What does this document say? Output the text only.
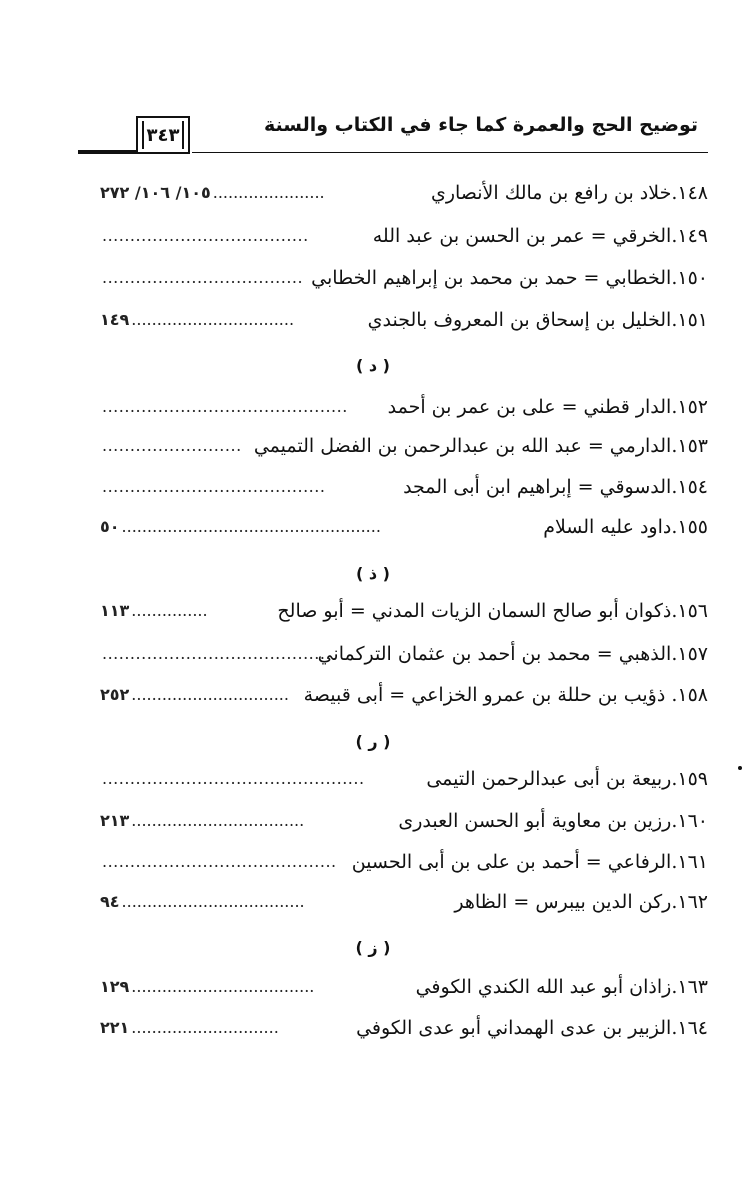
٣٤٣	توضيح الحج والعمرة كما جاء في الكتاب والسنة
١٤٨.خلاد بن رافع بن مالك الأنصاري
١٠٥/ ١٠٦/ ٢٧٢ ......................
١٤٩.الخرقي = عمر بن الحسن بن عبد الله
.....................................
١٥٠.الخطابي = حمد بن محمد بن إبراهيم الخطابي
....................................
١٥١.الخليل بن إسحاق بن المعروف بالجندي
١٤٩ ................................
( د )
١٥٢.الدار قطني = على بن عمر بن أحمد
............................................
١٥٣.الدارمي = عبد الله بن عبدالرحمن بن الفضل التميمي
.........................
١٥٤.الدسوقي = إبراهيم ابن أبى المجد
........................................
١٥٥.داود عليه السلام
٥٠ ...................................................
( ذ )
١٥٦.ذكوان أبو صالح السمان الزيات المدني = أبو صالح
١١٣ ...............
١٥٧.الذهبي = محمد بن أحمد بن عثمان التركماني
.........................................
١٥٨. ذؤيب بن حللة بن عمرو الخزاعي = أبى قبيصة
٢٥٢ ...............................
( ر )
١٥٩.ربيعة بن أبى عبدالرحمن التيمى
...............................................
١٦٠.رزين بن معاوية أبو الحسن العبدرى
٢١٣ ..................................
١٦١.الرفاعي = أحمد بن على بن أبى الحسين
..........................................
١٦٢.ركن الدين بيبرس = الظاهر
٩٤ ....................................
( ز )
١٦٣.زاذان أبو عبد الله الكندي الكوفي
١٢٩ ....................................
١٦٤.الزبير بن عدى الهمداني أبو عدى الكوفي
٢٢١ .............................
